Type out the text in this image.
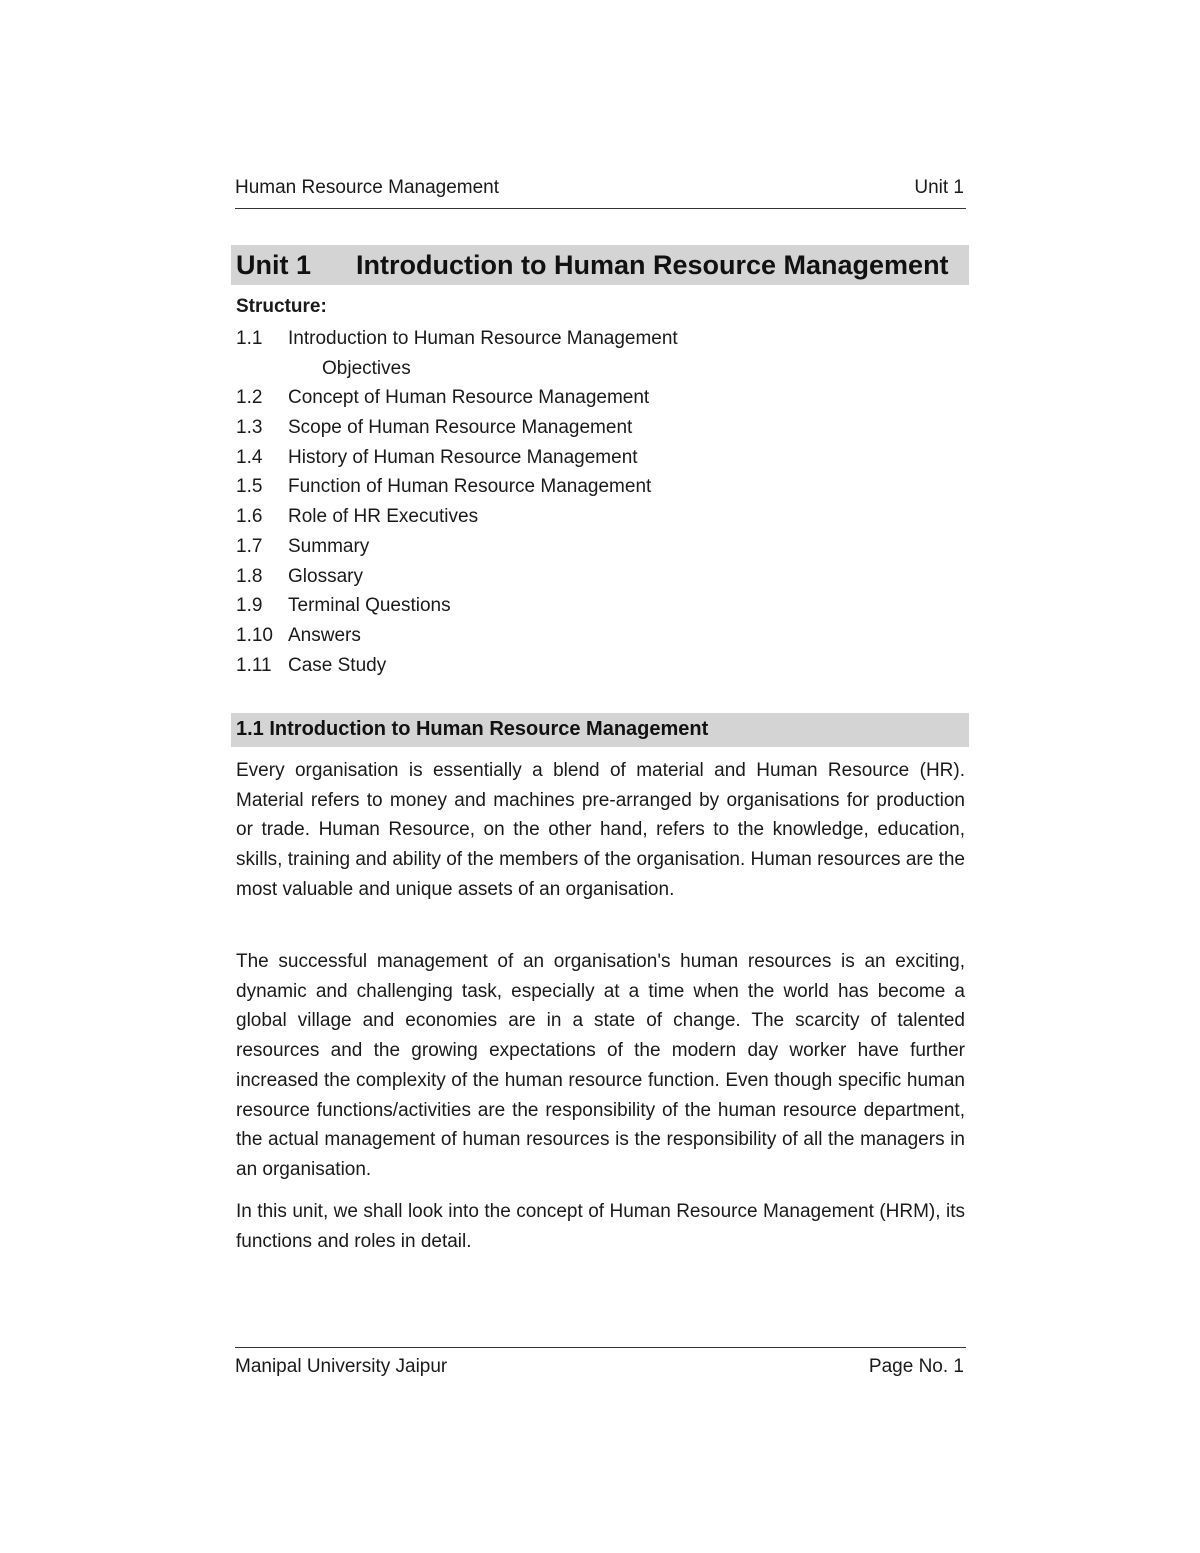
Human Resource Management	Unit 1
Unit 1 Introduction to Human Resource Management
Structure:
1.1 Introduction to Human Resource Management
Objectives
1.2 Concept of Human Resource Management
1.3 Scope of Human Resource Management
1.4 History of Human Resource Management
1.5 Function of Human Resource Management
1.6 Role of HR Executives
1.7 Summary
1.8 Glossary
1.9 Terminal Questions
1.10 Answers
1.11 Case Study
1.1 Introduction to Human Resource Management

Every organisation is essentially a blend of material and Human Resource (HR). Material refers to money and machines pre-arranged by organisations for production or trade. Human Resource, on the other hand, refers to the knowledge, education, skills, training and ability of the members of the organisation. Human resources are the most valuable and unique assets of an organisation.

The successful management of an organisation's human resources is an exciting, dynamic and challenging task, especially at a time when the world has become a global village and economies are in a state of change. The scarcity of talented resources and the growing expectations of the modern day worker have further increased the complexity of the human resource function. Even though specific human resource functions/activities are the responsibility of the human resource department, the actual management of human resources is the responsibility of all the managers in an organisation.

In this unit, we shall look into the concept of Human Resource Management (HRM), its functions and roles in detail.

Manipal University Jaipur	Page No. 1
